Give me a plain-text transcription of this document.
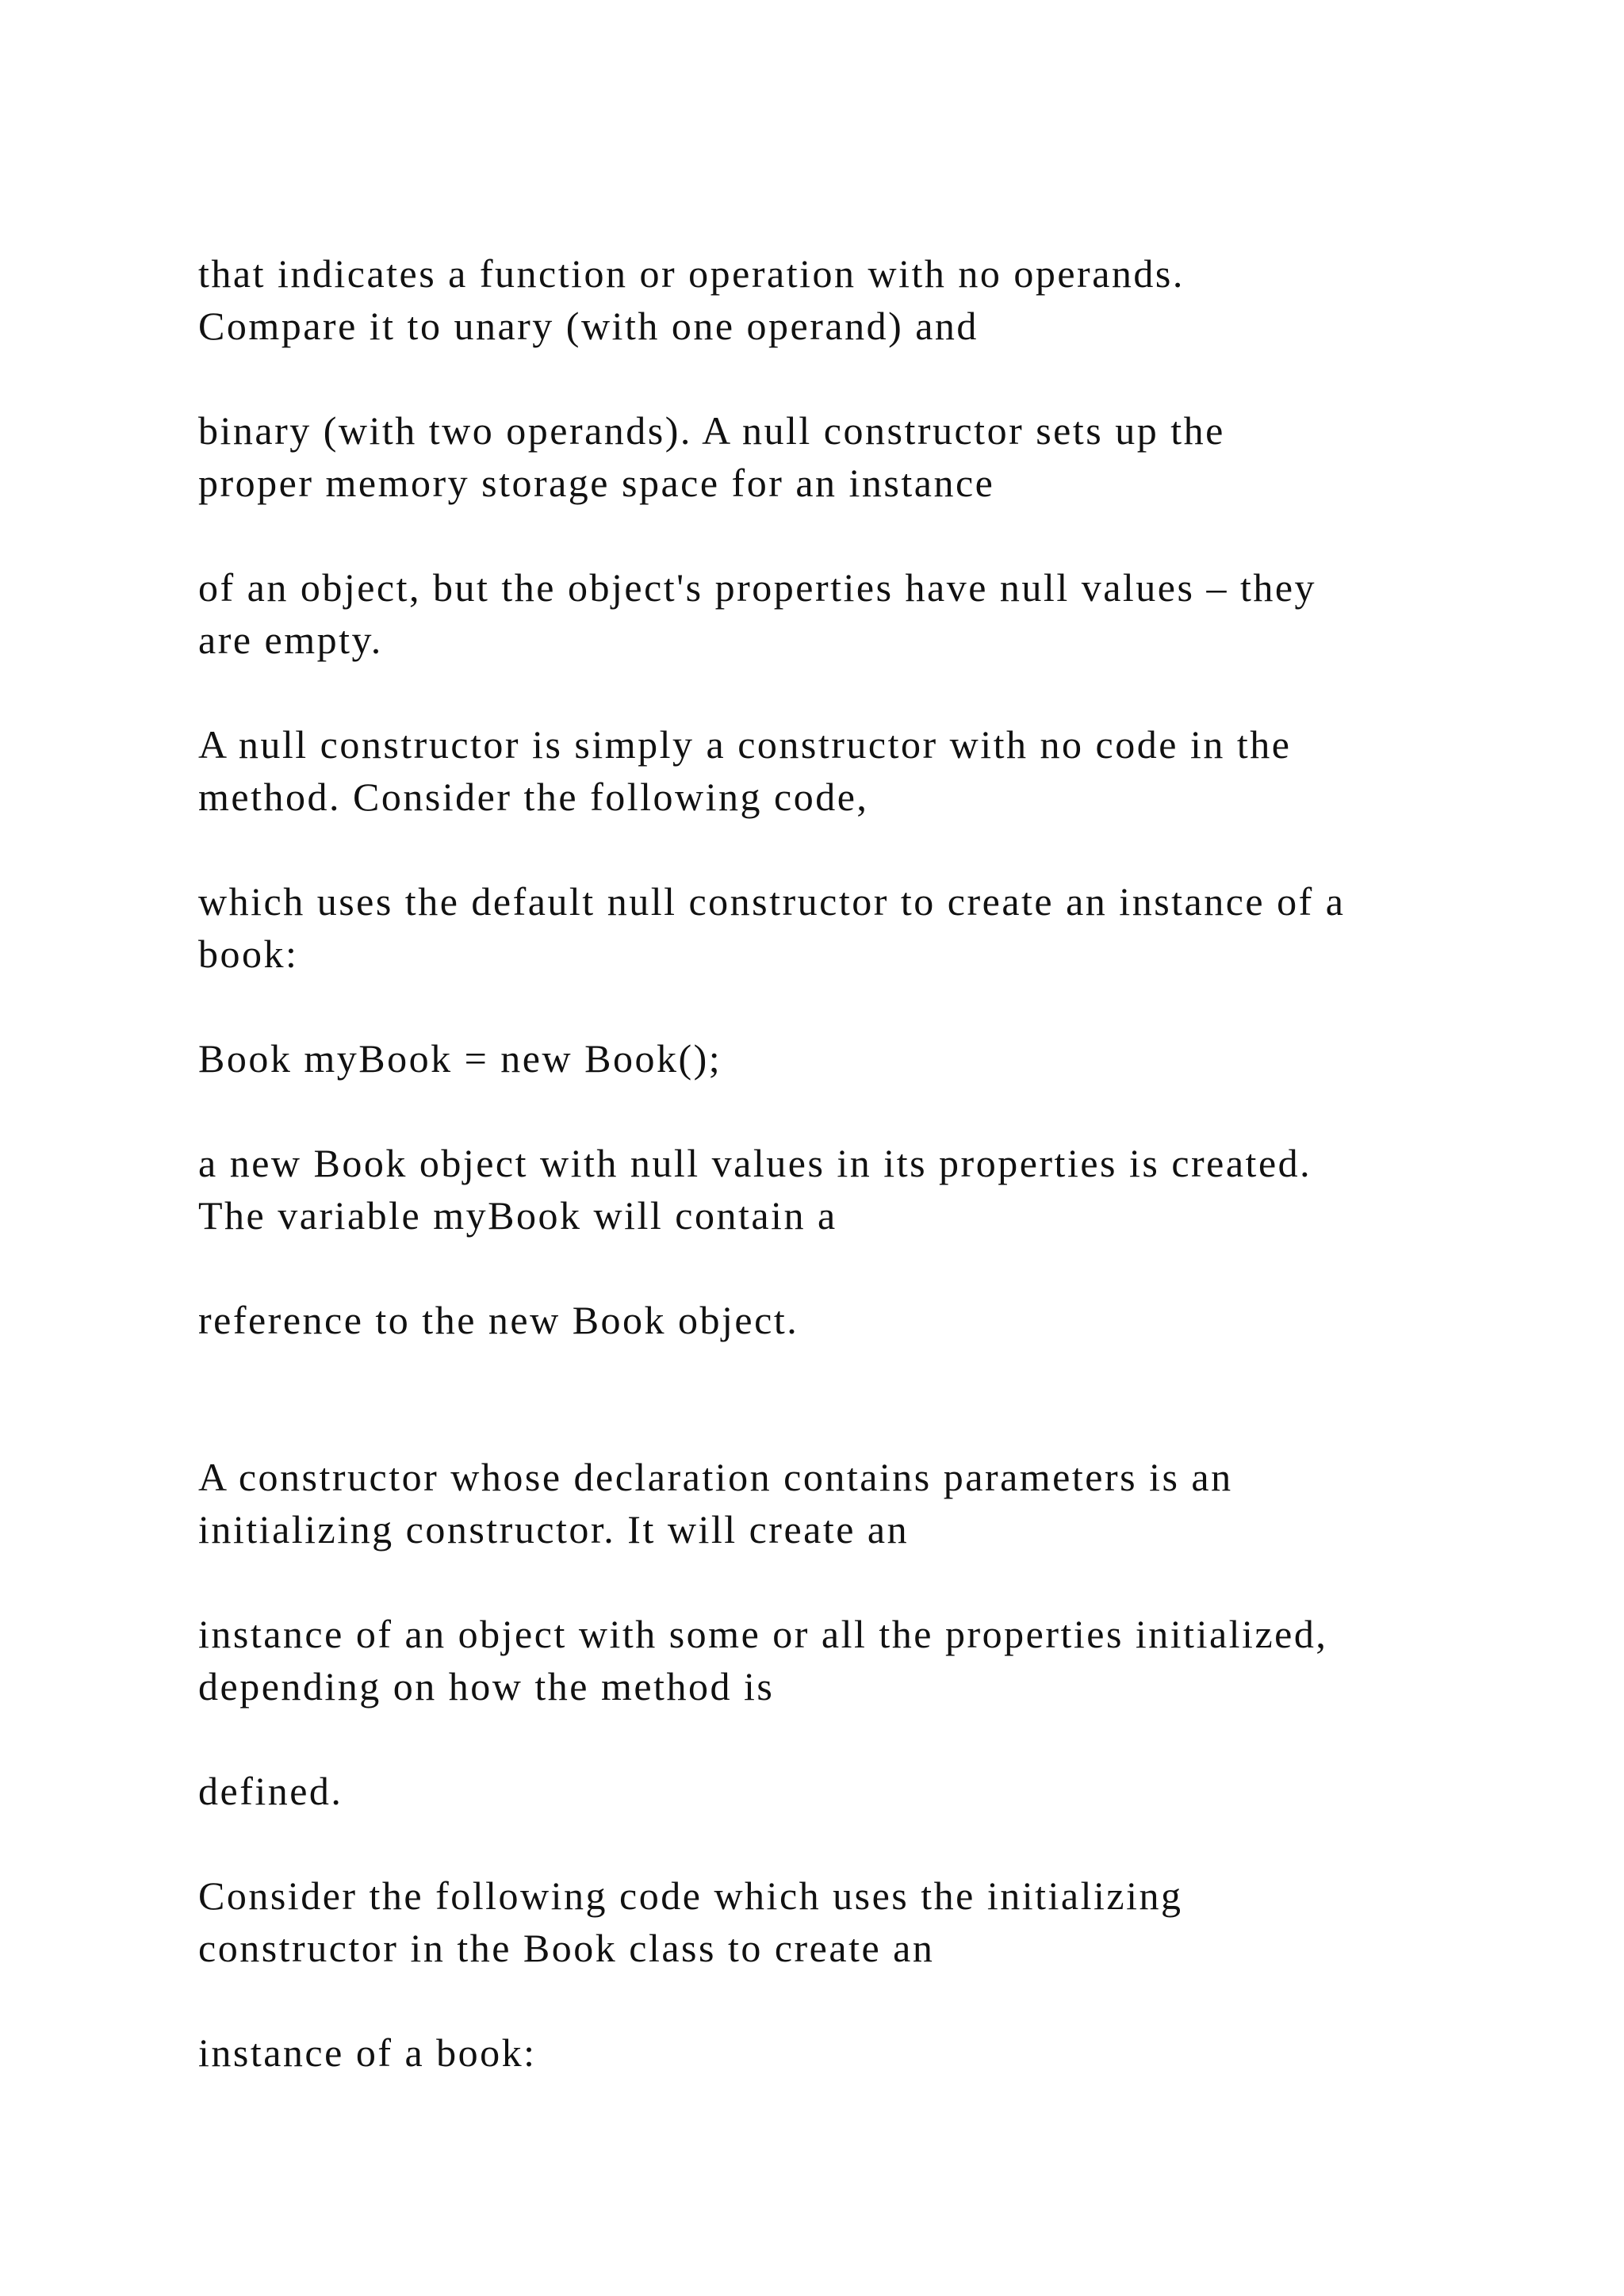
that indicates a function or operation with no operands.
Compare it to unary (with one operand) and
binary (with two operands). A null constructor sets up the
proper memory storage space for an instance
of an object, but the object's properties have null values – they
are empty.
A null constructor is simply a constructor with no code in the
method. Consider the following code,
which uses the default null constructor to create an instance of a
book:
Book myBook = new Book();
a new Book object with null values in its properties is created.
The variable myBook will contain a
reference to the new Book object.
A constructor whose declaration contains parameters is an
initializing constructor. It will create an
instance of an object with some or all the properties initialized,
depending on how the method is
defined.
Consider the following code which uses the initializing
constructor in the Book class to create an
instance of a book:
